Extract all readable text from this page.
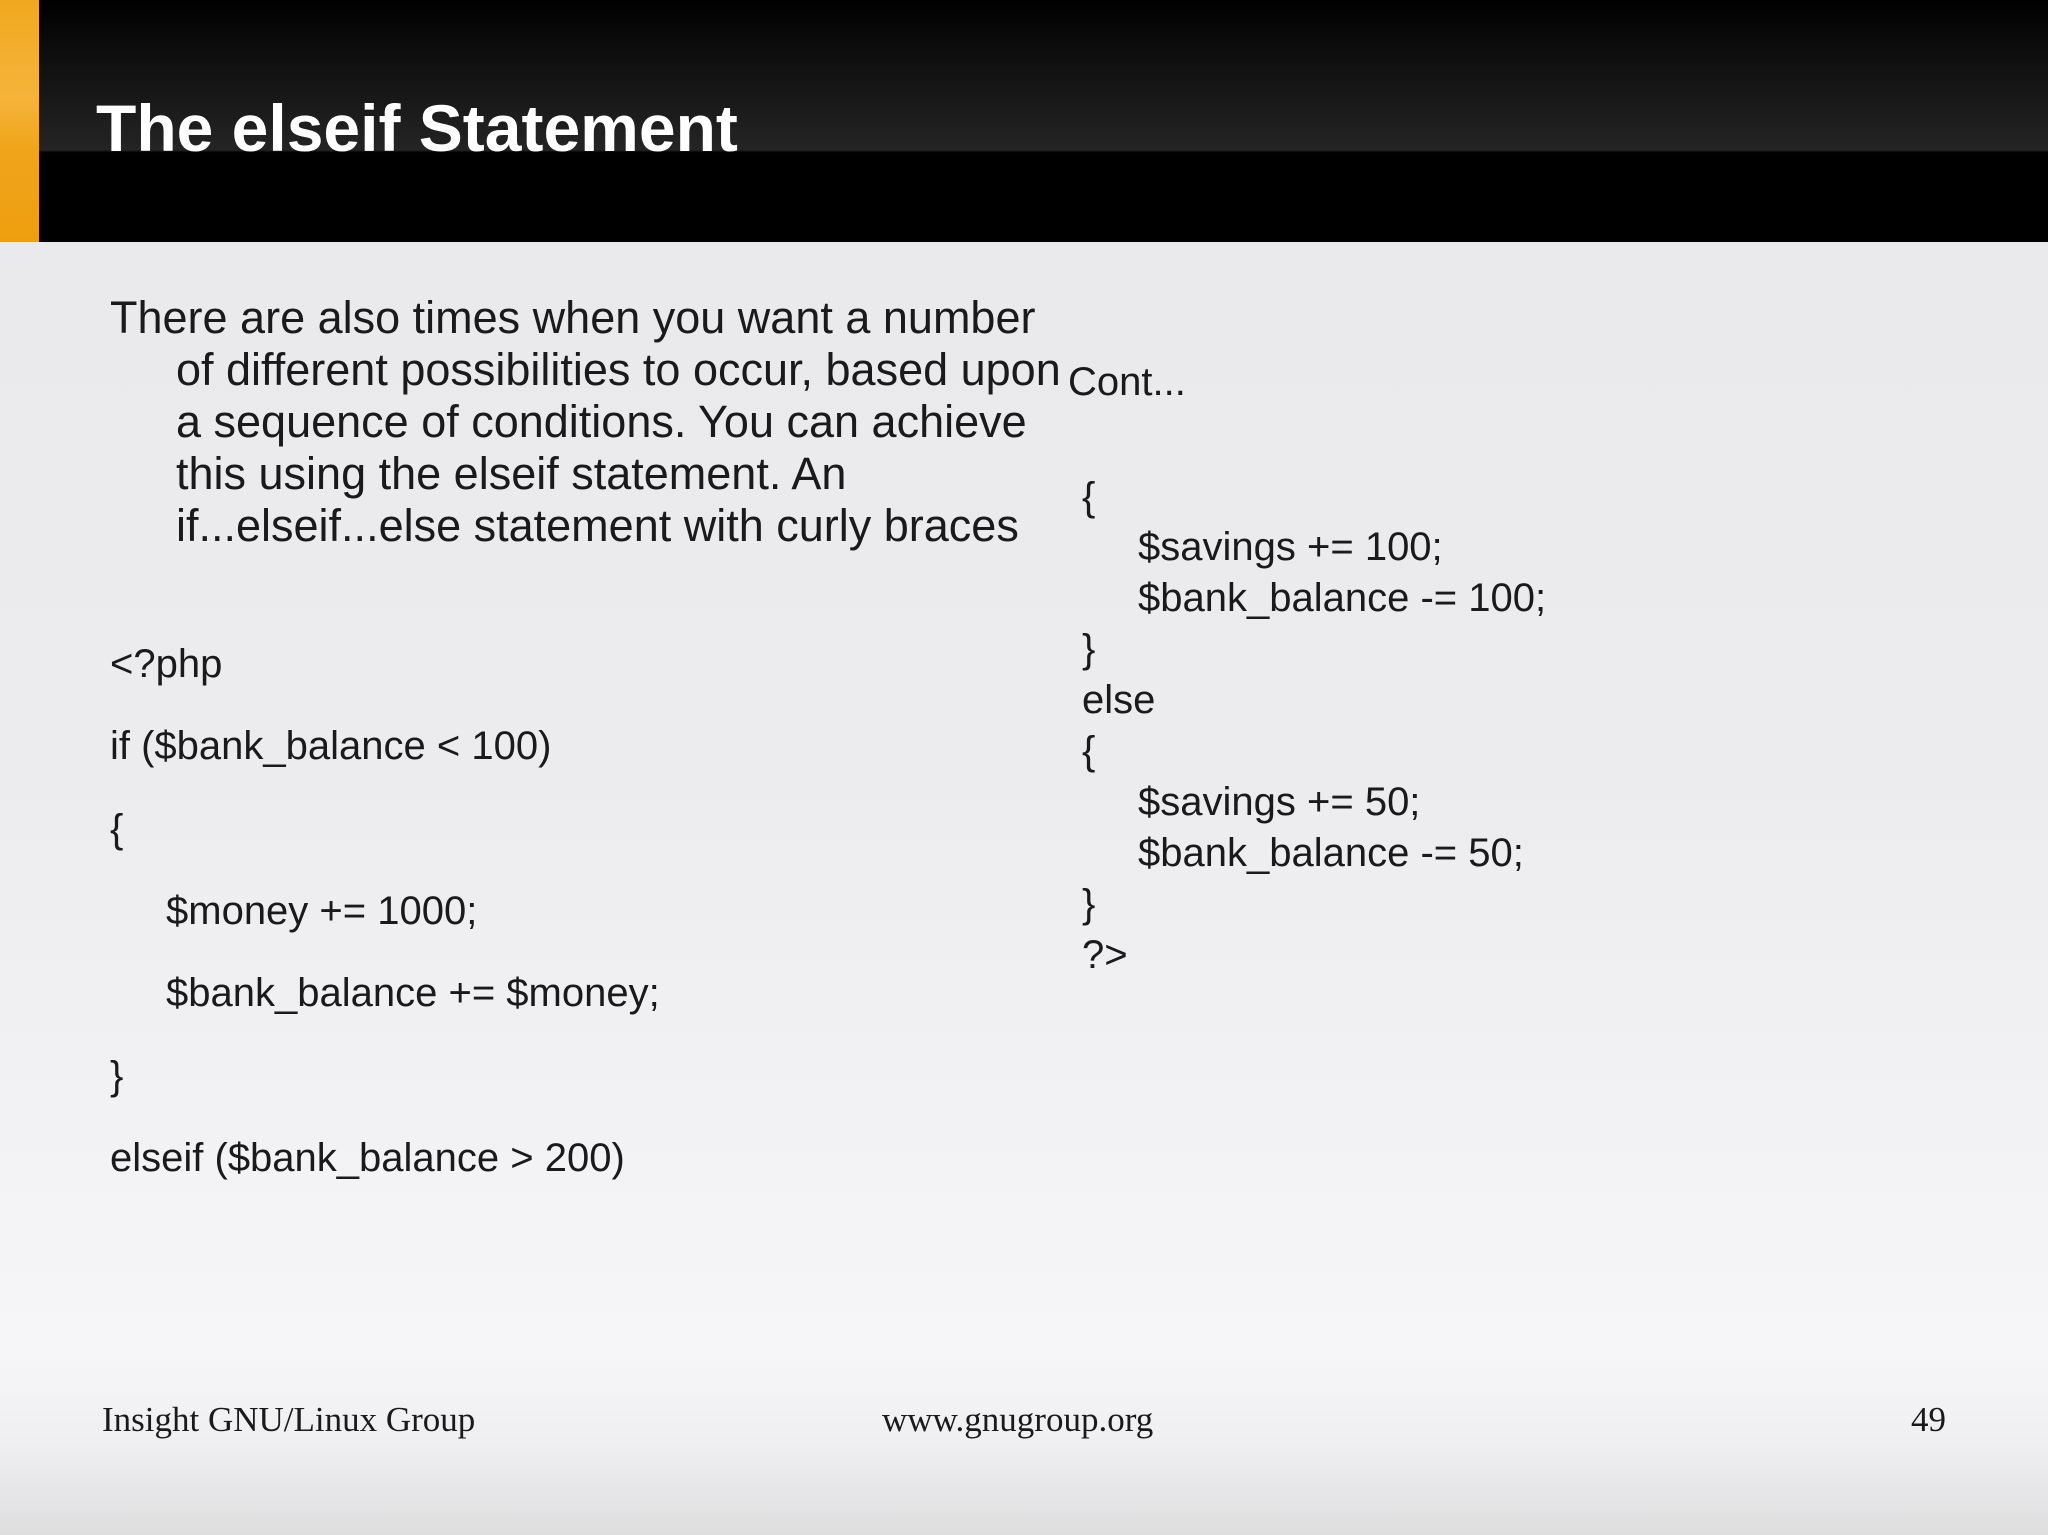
The elseif Statement
There are also times when you want a number of different possibilities to occur, based upon a sequence of conditions. You can achieve this using the elseif statement. An if...elseif...else statement with curly braces
<?php
if ($bank_balance < 100)
{
$money += 1000;
$bank_balance += $money;
}
elseif ($bank_balance > 200)
Cont...
{
$savings += 100;
$bank_balance -= 100;
}
else
{
$savings += 50;
$bank_balance -= 50;
}
?>
Insight GNU/Linux Group	www.gnugroup.org	49
